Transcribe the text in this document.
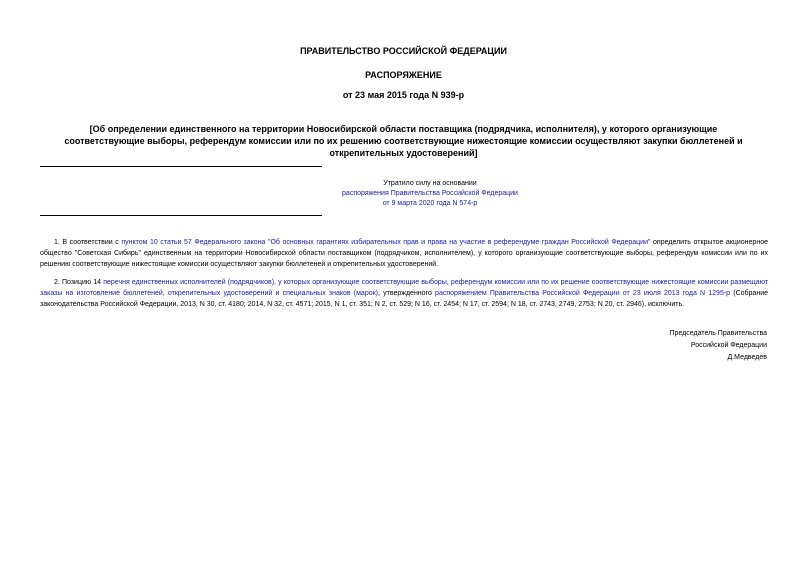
ПРАВИТЕЛЬСТВО РОССИЙСКОЙ ФЕДЕРАЦИИ
РАСПОРЯЖЕНИЕ
от 23 мая 2015 года N 939-р
[Об определении единственного на территории Новосибирской области поставщика (подрядчика, исполнителя), у которого организующие соответствующие выборы, референдум комиссии или по их решению соответствующие нижестоящие комиссии осуществляют закупки бюллетеней и открепительных удостоверений]
Утратило силу на основании
распоряжения Правительства Российской Федерации
от 9 марта 2020 года N 574-р
1. В соответствии с пунктом 10 статьи 57 Федерального закона "Об основных гарантиях избирательных прав и права на участие в референдуме граждан Российской Федерации" определить открытое акционерное общество "Советская Сибирь" единственным на территории Новосибирской области поставщиком (подрядчиком, исполнителем), у которого организующие соответствующие выборы, референдум комиссии или по их решению соответствующие нижестоящие комиссии осуществляют закупки бюллетеней и открепительных удостоверений.
2. Позицию 14 перечня единственных исполнителей (подрядчиков), у которых организующие соответствующие выборы, референдум комиссии или по их решение соответствующие нижестоящие комиссии размещают заказы на изготовление бюллетеней, открепительных удостоверений и специальных знаков (марок), утвержденного распоряжением Правительства Российской Федерации от 23 июля 2013 года N 1295-р (Собрание законодательства Российской Федерации, 2013, N 30, ст. 4180; 2014, N 32, ст. 4571; 2015, N 1, ст. 351; N 2, ст. 529; N 16, ст. 2454; N 17, ст. 2594; N 18, ст. 2743, 2749, 2753; N 20, ст. 2946), исключить.
Председатель Правительства
Российской Федерации
Д.Медведев
